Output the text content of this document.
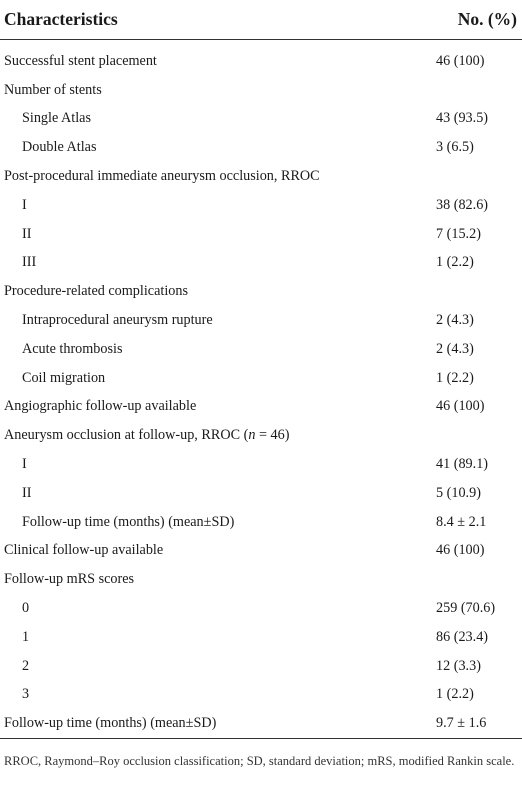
Characteristics	No. (%)
Successful stent placement	46 (100)
Number of stents
Single Atlas	43 (93.5)
Double Atlas	3 (6.5)
Post-procedural immediate aneurysm occlusion, RROC
I	38 (82.6)
II	7 (15.2)
III	1 (2.2)
Procedure-related complications
Intraprocedural aneurysm rupture	2 (4.3)
Acute thrombosis	2 (4.3)
Coil migration	1 (2.2)
Angiographic follow-up available	46 (100)
Aneurysm occlusion at follow-up, RROC (n = 46)
I	41 (89.1)
II	5 (10.9)
Follow-up time (months) (mean±SD)	8.4 ± 2.1
Clinical follow-up available	46 (100)
Follow-up mRS scores
0	259 (70.6)
1	86 (23.4)
2	12 (3.3)
3	1 (2.2)
Follow-up time (months) (mean±SD)	9.7 ± 1.6
RROC, Raymond–Roy occlusion classification; SD, standard deviation; mRS, modified Rankin scale.
